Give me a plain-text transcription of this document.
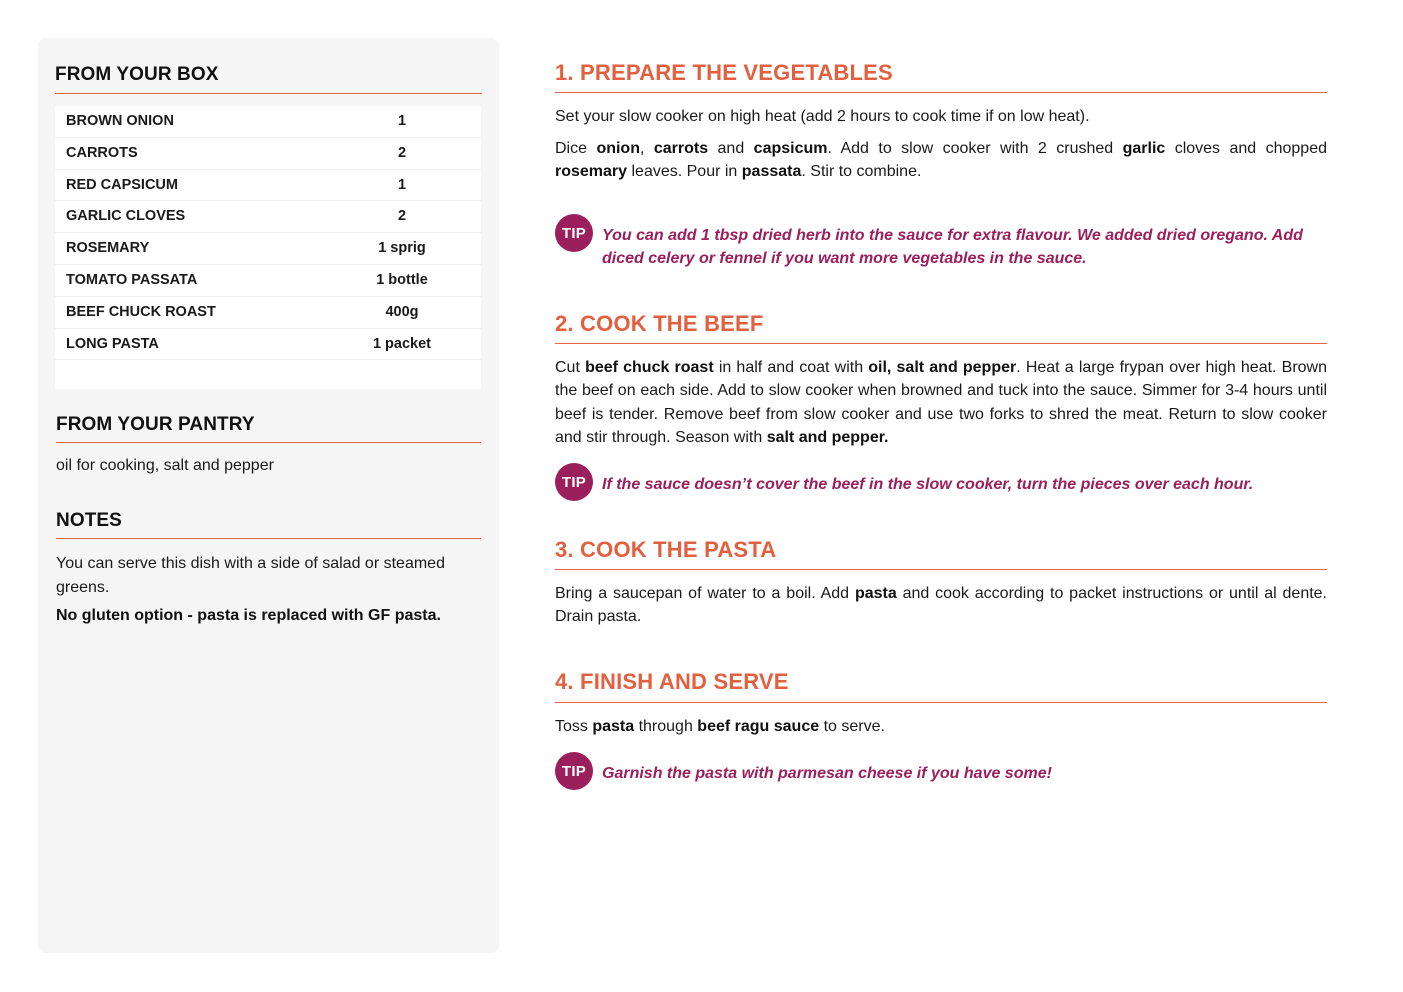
FROM YOUR BOX
BROWN ONION	1
CARROTS	2
RED CAPSICUM	1
GARLIC CLOVES	2
ROSEMARY	1 sprig
TOMATO PASSATA	1 bottle
BEEF CHUCK ROAST	400g
LONG PASTA	1 packet
FROM YOUR PANTRY
oil for cooking, salt and pepper
NOTES
You can serve this dish with a side of salad or steamed greens.
No gluten option - pasta is replaced with GF pasta.
1. PREPARE THE VEGETABLES
Set your slow cooker on high heat (add 2 hours to cook time if on low heat).
Dice onion, carrots and capsicum. Add to slow cooker with 2 crushed garlic cloves and chopped rosemary leaves. Pour in passata. Stir to combine.
TIP You can add 1 tbsp dried herb into the sauce for extra flavour. We added dried oregano. Add diced celery or fennel if you want more vegetables in the sauce.
2. COOK THE BEEF
Cut beef chuck roast in half and coat with oil, salt and pepper. Heat a large frypan over high heat. Brown the beef on each side. Add to slow cooker when browned and tuck into the sauce. Simmer for 3-4 hours until beef is tender. Remove beef from slow cooker and use two forks to shred the meat. Return to slow cooker and stir through. Season with salt and pepper.
TIP If the sauce doesn’t cover the beef in the slow cooker, turn the pieces over each hour.
3. COOK THE PASTA
Bring a saucepan of water to a boil. Add pasta and cook according to packet instructions or until al dente. Drain pasta.
4. FINISH AND SERVE
Toss pasta through beef ragu sauce to serve.
TIP Garnish the pasta with parmesan cheese if you have some!
